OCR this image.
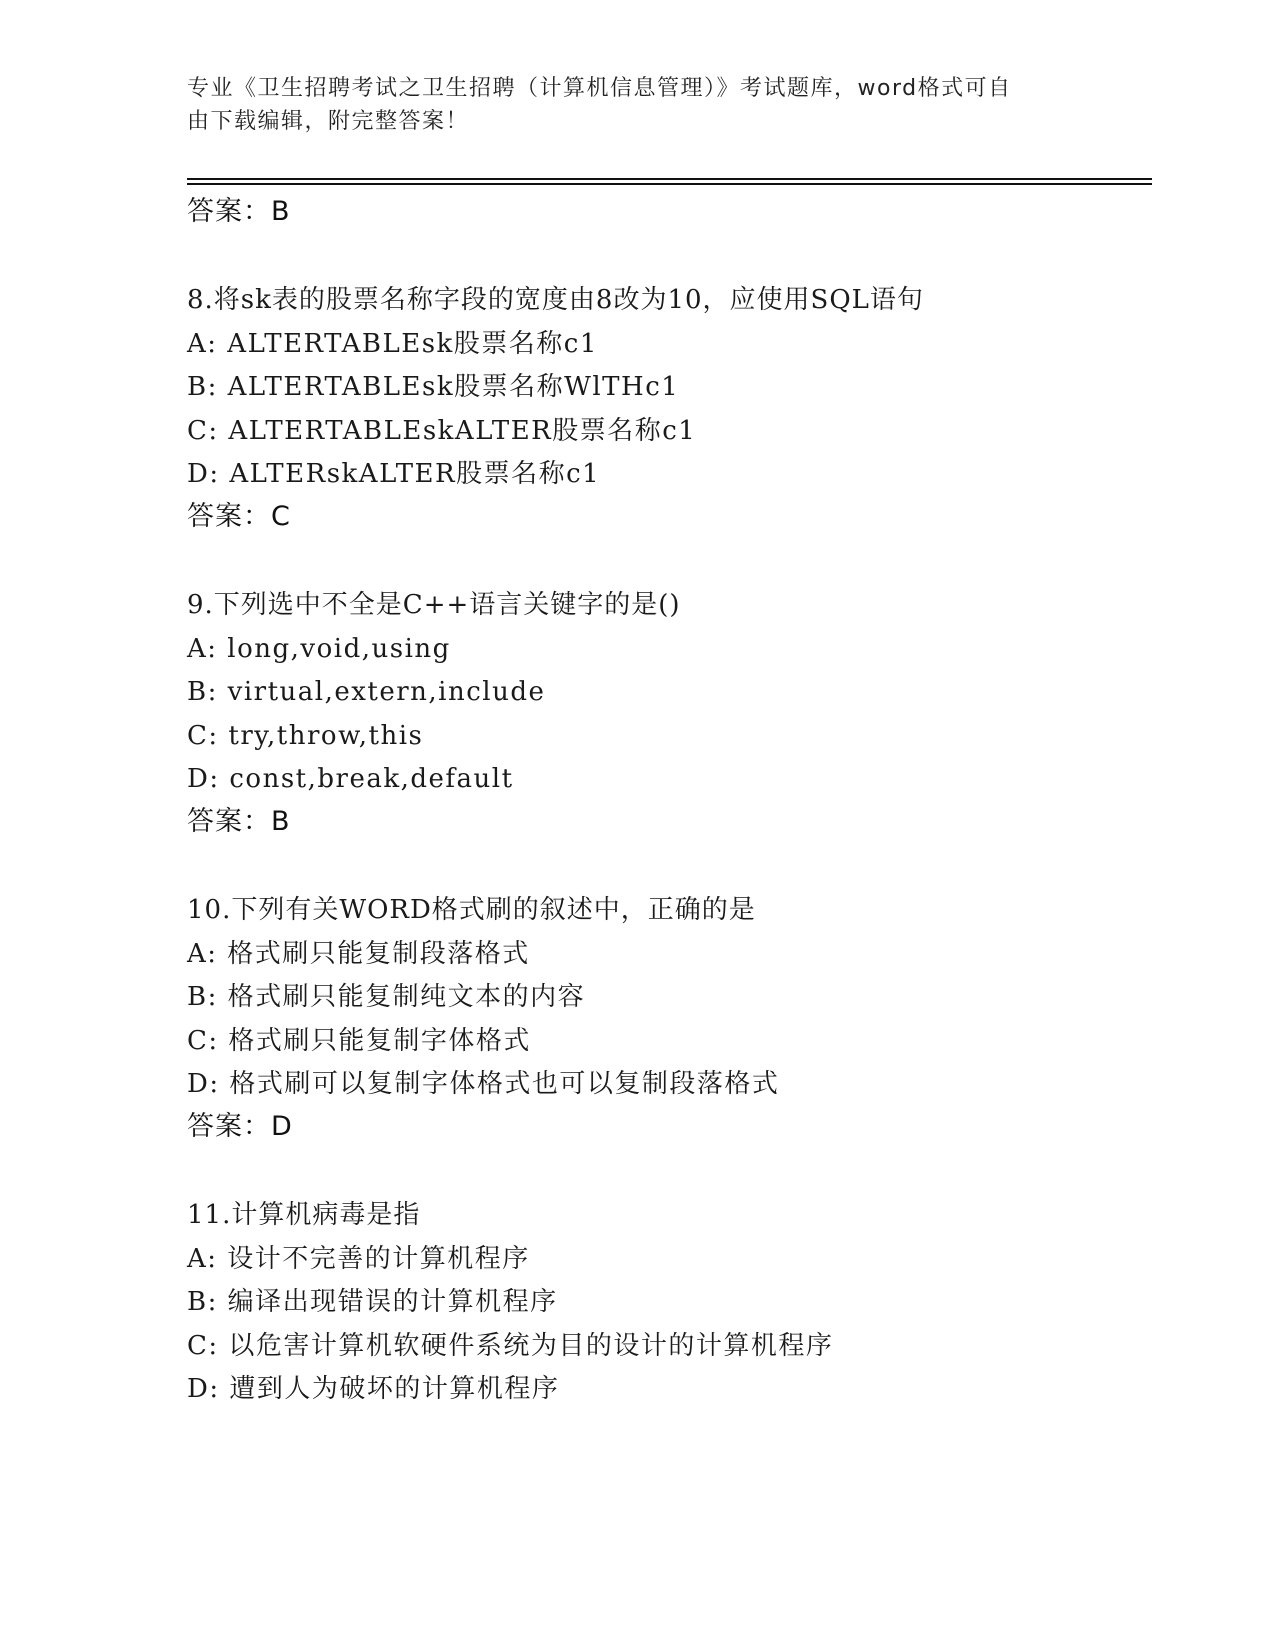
专业《卫生招聘考试之卫生招聘（计算机信息管理）》考试题库，word格式可自
由下载编辑，附完整答案！
答案：B
8.将sk表的股票名称字段的宽度由8改为10，应使用SQL语句
A: ALTERTABLEsk股票名称c1
B: ALTERTABLEsk股票名称WlTHc1
C: ALTERTABLEskALTER股票名称c1
D: ALTERskALTER股票名称c1
答案：C
9.下列选中不全是C++语言关键字的是()
A: long,void,using
B: virtual,extern,include
C: try,throw,this
D: const,break,default
答案：B
10.下列有关WORD格式刷的叙述中，正确的是
A: 格式刷只能复制段落格式
B: 格式刷只能复制纯文本的内容
C: 格式刷只能复制字体格式
D: 格式刷可以复制字体格式也可以复制段落格式
答案：D
11.计算机病毒是指
A: 设计不完善的计算机程序
B: 编译出现错误的计算机程序
C: 以危害计算机软硬件系统为目的设计的计算机程序
D: 遭到人为破坏的计算机程序
